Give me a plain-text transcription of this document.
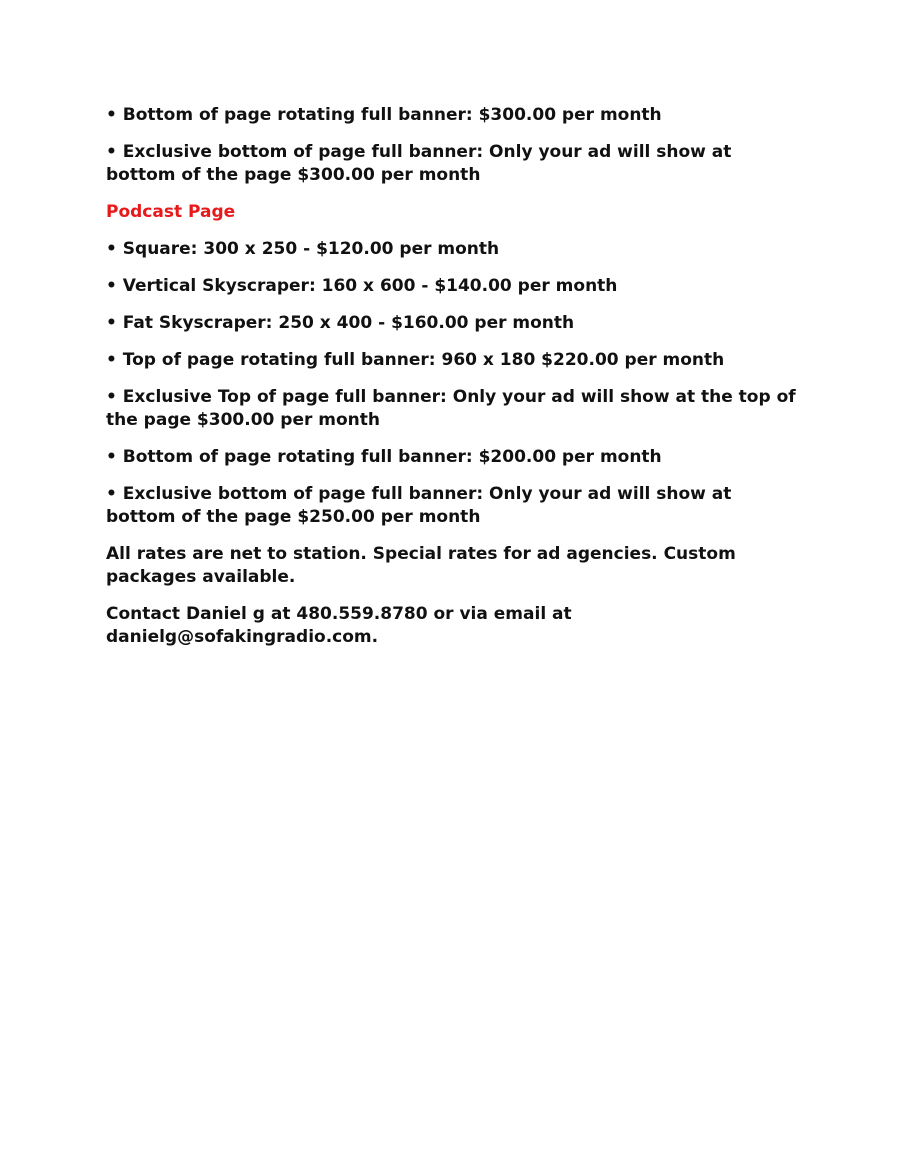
• Bottom of page rotating full banner: $300.00 per month

• Exclusive bottom of page full banner: Only your ad will show at bottom of the page $300.00 per month

Podcast Page

• Square: 300 x 250 - $120.00 per month

• Vertical Skyscraper: 160 x 600 - $140.00 per month

• Fat Skyscraper: 250 x 400 - $160.00 per month

• Top of page rotating full banner: 960 x 180 $220.00 per month

• Exclusive Top of page full banner: Only your ad will show at the top of the page $300.00 per month

• Bottom of page rotating full banner: $200.00 per month

• Exclusive bottom of page full banner: Only your ad will show at bottom of the page $250.00 per month

All rates are net to station. Special rates for ad agencies. Custom packages available.

Contact Daniel g at 480.559.8780 or via email at
danielg@sofakingradio.com.
